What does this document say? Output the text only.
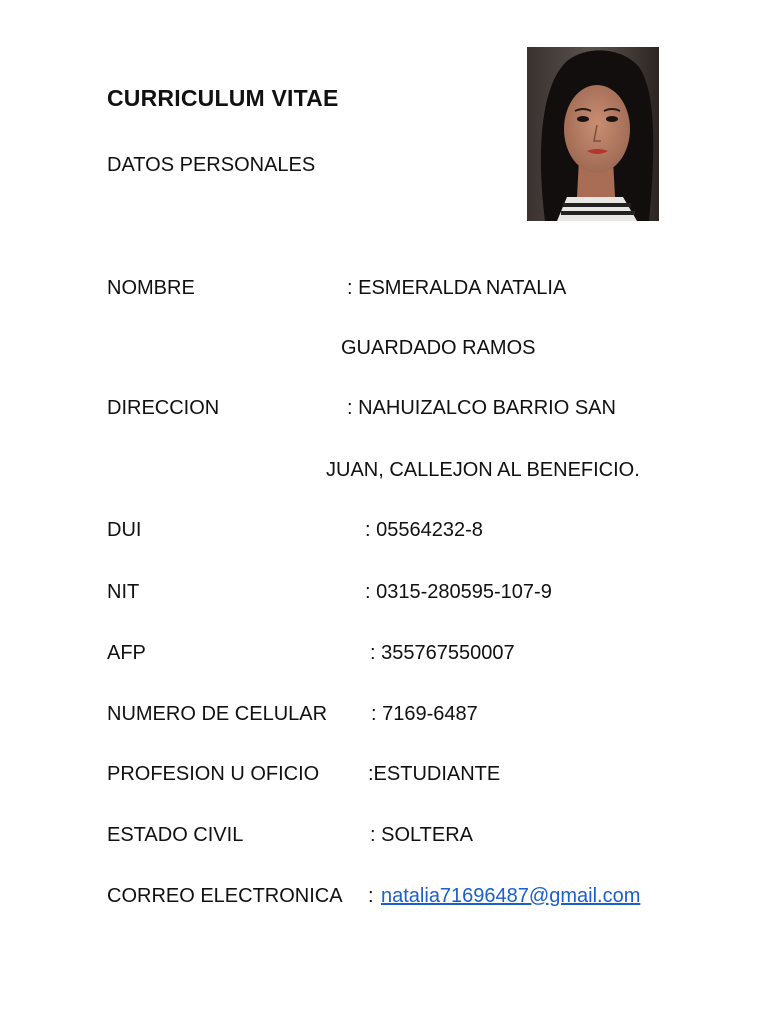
CURRICULUM VITAE
DATOS PERSONALES
NOMBRE	: ESMERALDA NATALIA
GUARDADO RAMOS
DIRECCION	: NAHUIZALCO BARRIO SAN
JUAN, CALLEJON AL BENEFICIO.
DUI	: 05564232-8
NIT	: 0315-280595-107-9
AFP	: 355767550007
NUMERO DE CELULAR : 7169-6487
PROFESION U OFICIO :ESTUDIANTE
ESTADO CIVIL	: SOLTERA
CORREO ELECTRONICA : natalia71696487@gmail.com
